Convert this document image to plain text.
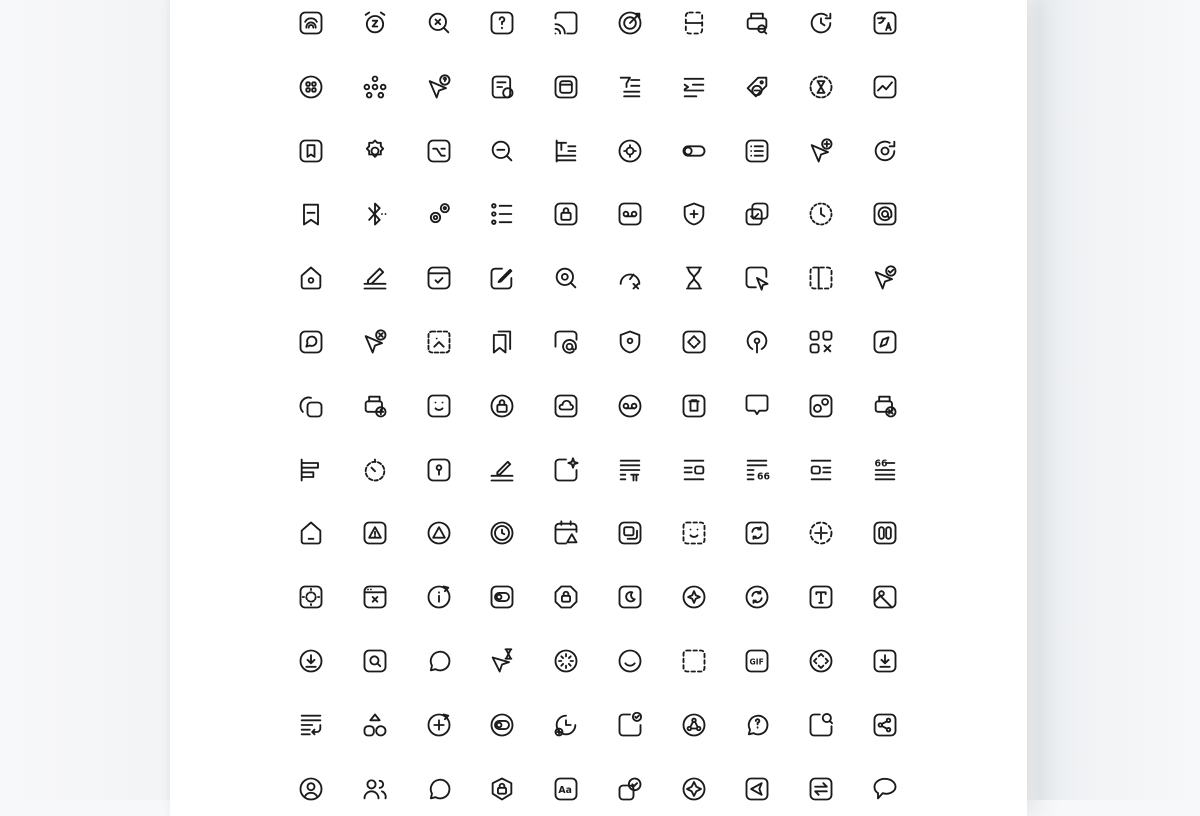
66
66
GIF
Aa
